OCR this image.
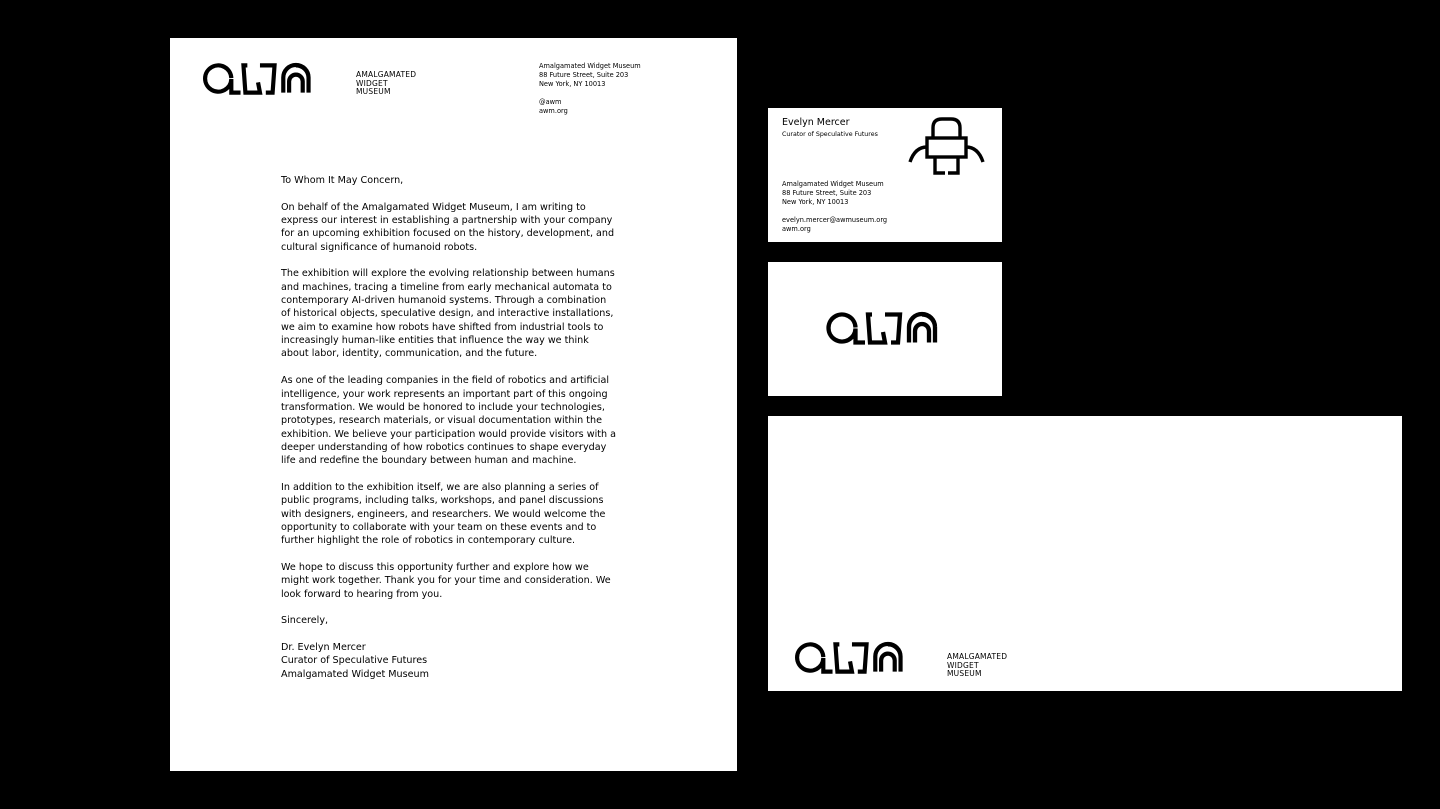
AMALGAMATED
WIDGET
MUSEUM
Amalgamated Widget Museum
88 Future Street, Suite 203
New York, NY 10013
@awm
awm.org

To Whom It May Concern,

On behalf of the Amalgamated Widget Museum, I am writing to
express our interest in establishing a partnership with your company
for an upcoming exhibition focused on the history, development, and
cultural significance of humanoid robots.

The exhibition will explore the evolving relationship between humans
and machines, tracing a timeline from early mechanical automata to
contemporary AI-driven humanoid systems. Through a combination
of historical objects, speculative design, and interactive installations,
we aim to examine how robots have shifted from industrial tools to
increasingly human-like entities that influence the way we think
about labor, identity, communication, and the future.

As one of the leading companies in the field of robotics and artificial
intelligence, your work represents an important part of this ongoing
transformation. We would be honored to include your technologies,
prototypes, research materials, or visual documentation within the
exhibition. We believe your participation would provide visitors with a
deeper understanding of how robotics continues to shape everyday
life and redefine the boundary between human and machine.

In addition to the exhibition itself, we are also planning a series of
public programs, including talks, workshops, and panel discussions
with designers, engineers, and researchers. We would welcome the
opportunity to collaborate with your team on these events and to
further highlight the role of robotics in contemporary culture.

We hope to discuss this opportunity further and explore how we
might work together. Thank you for your time and consideration. We
look forward to hearing from you.

Sincerely,

Dr. Evelyn Mercer
Curator of Speculative Futures
Amalgamated Widget Museum

Evelyn Mercer
Curator of Speculative Futures
Amalgamated Widget Museum
88 Future Street, Suite 203
New York, NY 10013
evelyn.mercer@awmuseum.org
awm.org
AMALGAMATED
WIDGET
MUSEUM
